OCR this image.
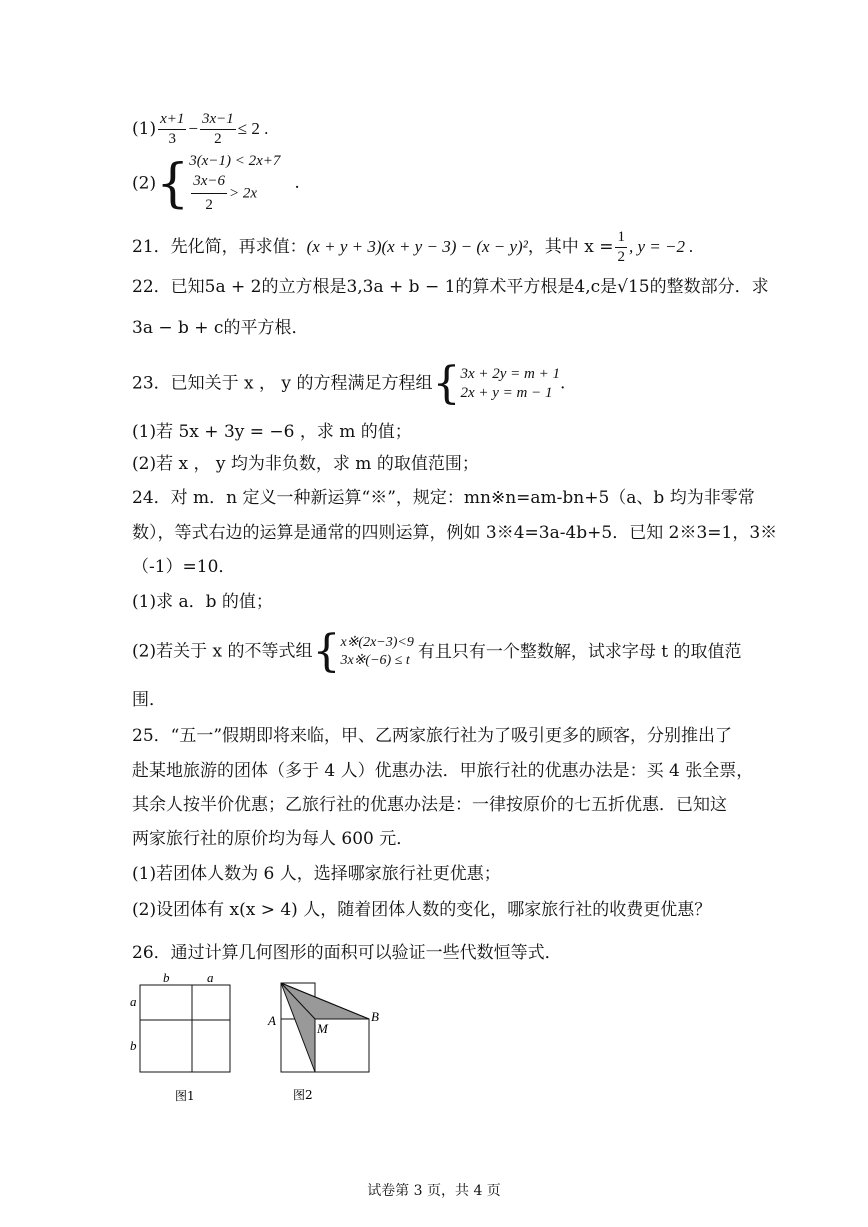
$(1) \frac{x+1}{3} - \frac{3x-1}{2} \le 2$ .
(2){ 3(x−1) < 2x+7
$\frac{3x-6}{2} > 2x$	.
21．先化简，再求值：(x + y + 3)(x + y − 3) − (x − y)²，其中 $x = \frac{1}{2}$ , y = −2 .
22．已知5a + 2的立方根是3,3a + b − 1的算术平方根是4,c是√15的整数部分．求
3a − b + c的平方根．
23．已知关于 x ， y 的方程满足方程组{ 3x + 2y = m + 1
2x + y = m − 1 .
(1)若 5x + 3y = −6 ，求 m 的值；
(2)若 x ， y 均为非负数，求 m 的取值范围；
24．对 m．n 定义一种新运算“※”，规定：mn※n=am-bn+5（a、b 均为非零常
数），等式右边的运算是通常的四则运算，例如 3※4=3a-4b+5．已知 2※3=1，3※
（-1）=10．
(1)求 a．b 的值；
(2)若关于 x 的不等式组{ x※(2x−3)<9
3x※(−6) ≤ t 有且只有一个整数解，试求字母 t 的取值范
围．
25．“五一”假期即将来临，甲、乙两家旅行社为了吸引更多的顾客，分别推出了
赴某地旅游的团体（多于 4 人）优惠办法．甲旅行社的优惠办法是：买 4 张全票，
其余人按半价优惠；乙旅行社的优惠办法是：一律按原价的七五折优惠．已知这
两家旅行社的原价均为每人 600 元．
(1)若团体人数为 6 人，选择哪家旅行社更优惠；
(2)设团体有 x(x > 4) 人，随着团体人数的变化，哪家旅行社的收费更优惠？
26．通过计算几何图形的面积可以验证一些代数恒等式．
b	a
a
b
图1
A
M
B
图2
试卷第 3 页，共 4 页
